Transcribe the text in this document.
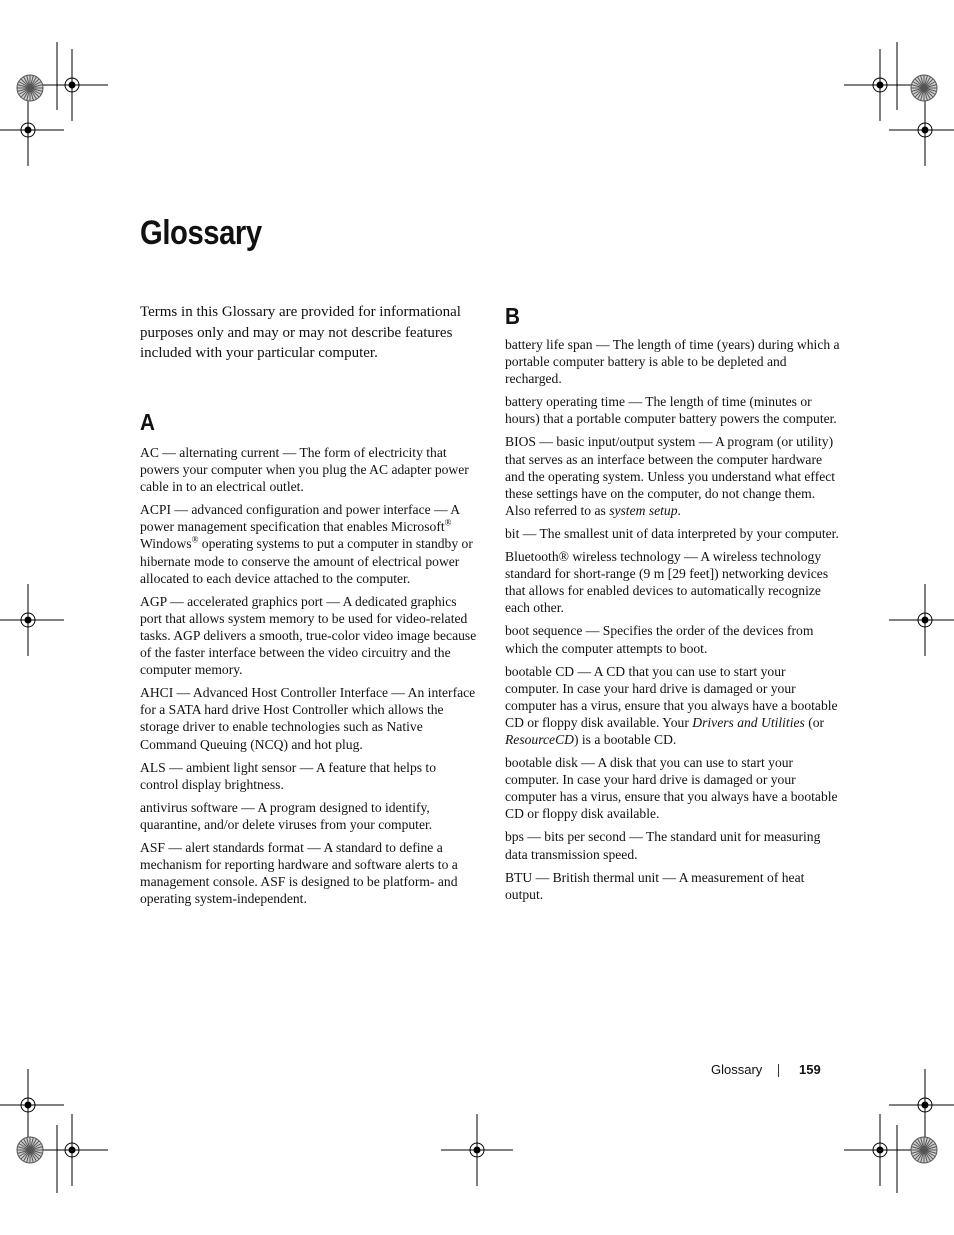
Glossary

Terms in this Glossary are provided for informational purposes only and may or may not describe features included with your particular computer.

A

AC — alternating current — The form of electricity that powers your computer when you plug the AC adapter power cable in to an electrical outlet.

ACPI — advanced configuration and power interface — A power management specification that enables Microsoft® Windows® operating systems to put a computer in standby or hibernate mode to conserve the amount of electrical power allocated to each device attached to the computer.

AGP — accelerated graphics port — A dedicated graphics port that allows system memory to be used for video-related tasks. AGP delivers a smooth, true-color video image because of the faster interface between the video circuitry and the computer memory.

AHCI — Advanced Host Controller Interface — An interface for a SATA hard drive Host Controller which allows the storage driver to enable technologies such as Native Command Queuing (NCQ) and hot plug.

ALS — ambient light sensor — A feature that helps to control display brightness.

antivirus software — A program designed to identify, quarantine, and/or delete viruses from your computer.

ASF — alert standards format — A standard to define a mechanism for reporting hardware and software alerts to a management console. ASF is designed to be platform- and operating system-independent.

B

battery life span — The length of time (years) during which a portable computer battery is able to be depleted and recharged.

battery operating time — The length of time (minutes or hours) that a portable computer battery powers the computer.

BIOS — basic input/output system — A program (or utility) that serves as an interface between the computer hardware and the operating system. Unless you understand what effect these settings have on the computer, do not change them. Also referred to as system setup.

bit — The smallest unit of data interpreted by your computer.

Bluetooth® wireless technology — A wireless technology standard for short-range (9 m [29 feet]) networking devices that allows for enabled devices to automatically recognize each other.

boot sequence — Specifies the order of the devices from which the computer attempts to boot.

bootable CD — A CD that you can use to start your computer. In case your hard drive is damaged or your computer has a virus, ensure that you always have a bootable CD or floppy disk available. Your Drivers and Utilities (or ResourceCD) is a bootable CD.

bootable disk — A disk that you can use to start your computer. In case your hard drive is damaged or your computer has a virus, ensure that you always have a bootable CD or floppy disk available.

bps — bits per second — The standard unit for measuring data transmission speed.

BTU — British thermal unit — A measurement of heat output.

Glossary	159
